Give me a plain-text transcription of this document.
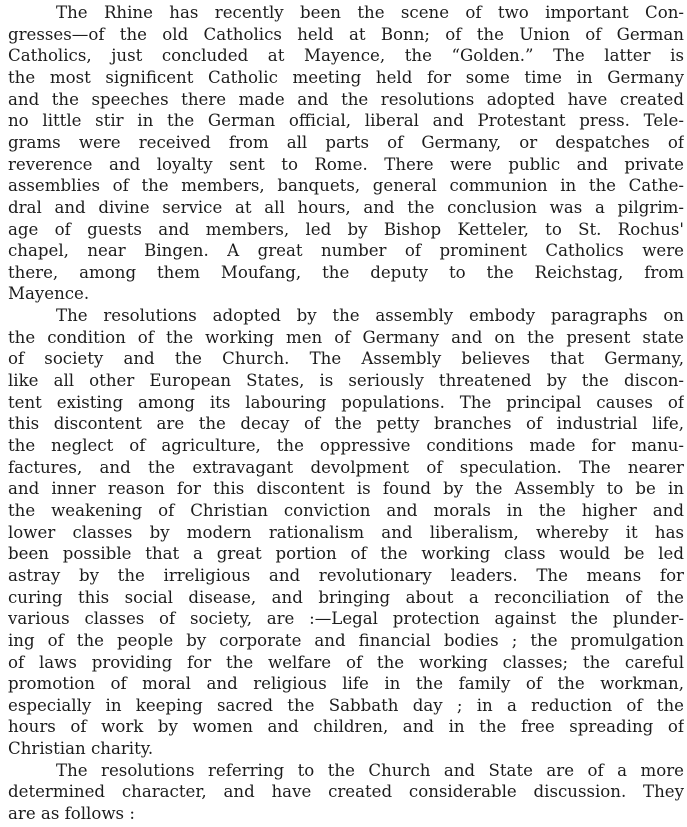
The Rhine has recently been the scene of two important Con-
gresses—of the old Catholics held at Bonn; of the Union of German
Catholics, just concluded at Mayence, the “Golden.” The latter is
the most significent Catholic meeting held for some time in Germany
and the speeches there made and the resolutions adopted have created
no little stir in the German official, liberal and Protestant press. Tele-
grams were received from all parts of Germany, or despatches of
reverence and loyalty sent to Rome. There were public and private
assemblies of the members, banquets, general communion in the Cathe-
dral and divine service at all hours, and the conclusion was a pilgrim-
age of guests and members, led by Bishop Ketteler, to St. Rochus'
chapel, near Bingen. A great number of prominent Catholics were
there, among them Moufang, the deputy to the Reichstag, from
Mayence.
The resolutions adopted by the assembly embody paragraphs on
the condition of the working men of Germany and on the present state
of society and the Church. The Assembly believes that Germany,
like all other European States, is seriously threatened by the discon-
tent existing among its labouring populations. The principal causes of
this discontent are the decay of the petty branches of industrial life,
the neglect of agriculture, the oppressive conditions made for manu-
factures, and the extravagant devolpment of speculation. The nearer
and inner reason for this discontent is found by the Assembly to be in
the weakening of Christian conviction and morals in the higher and
lower classes by modern rationalism and liberalism, whereby it has
been possible that a great portion of the working class would be led
astray by the irreligious and revolutionary leaders. The means for
curing this social disease, and bringing about a reconciliation of the
various classes of society, are :—Legal protection against the plunder-
ing of the people by corporate and financial bodies ; the promulgation
of laws providing for the welfare of the working classes; the careful
promotion of moral and religious life in the family of the workman,
especially in keeping sacred the Sabbath day ; in a reduction of the
hours of work by women and children, and in the free spreading of
Christian charity.
The resolutions referring to the Church and State are of a more
determined character, and have created considerable discussion. They
are as follows :
